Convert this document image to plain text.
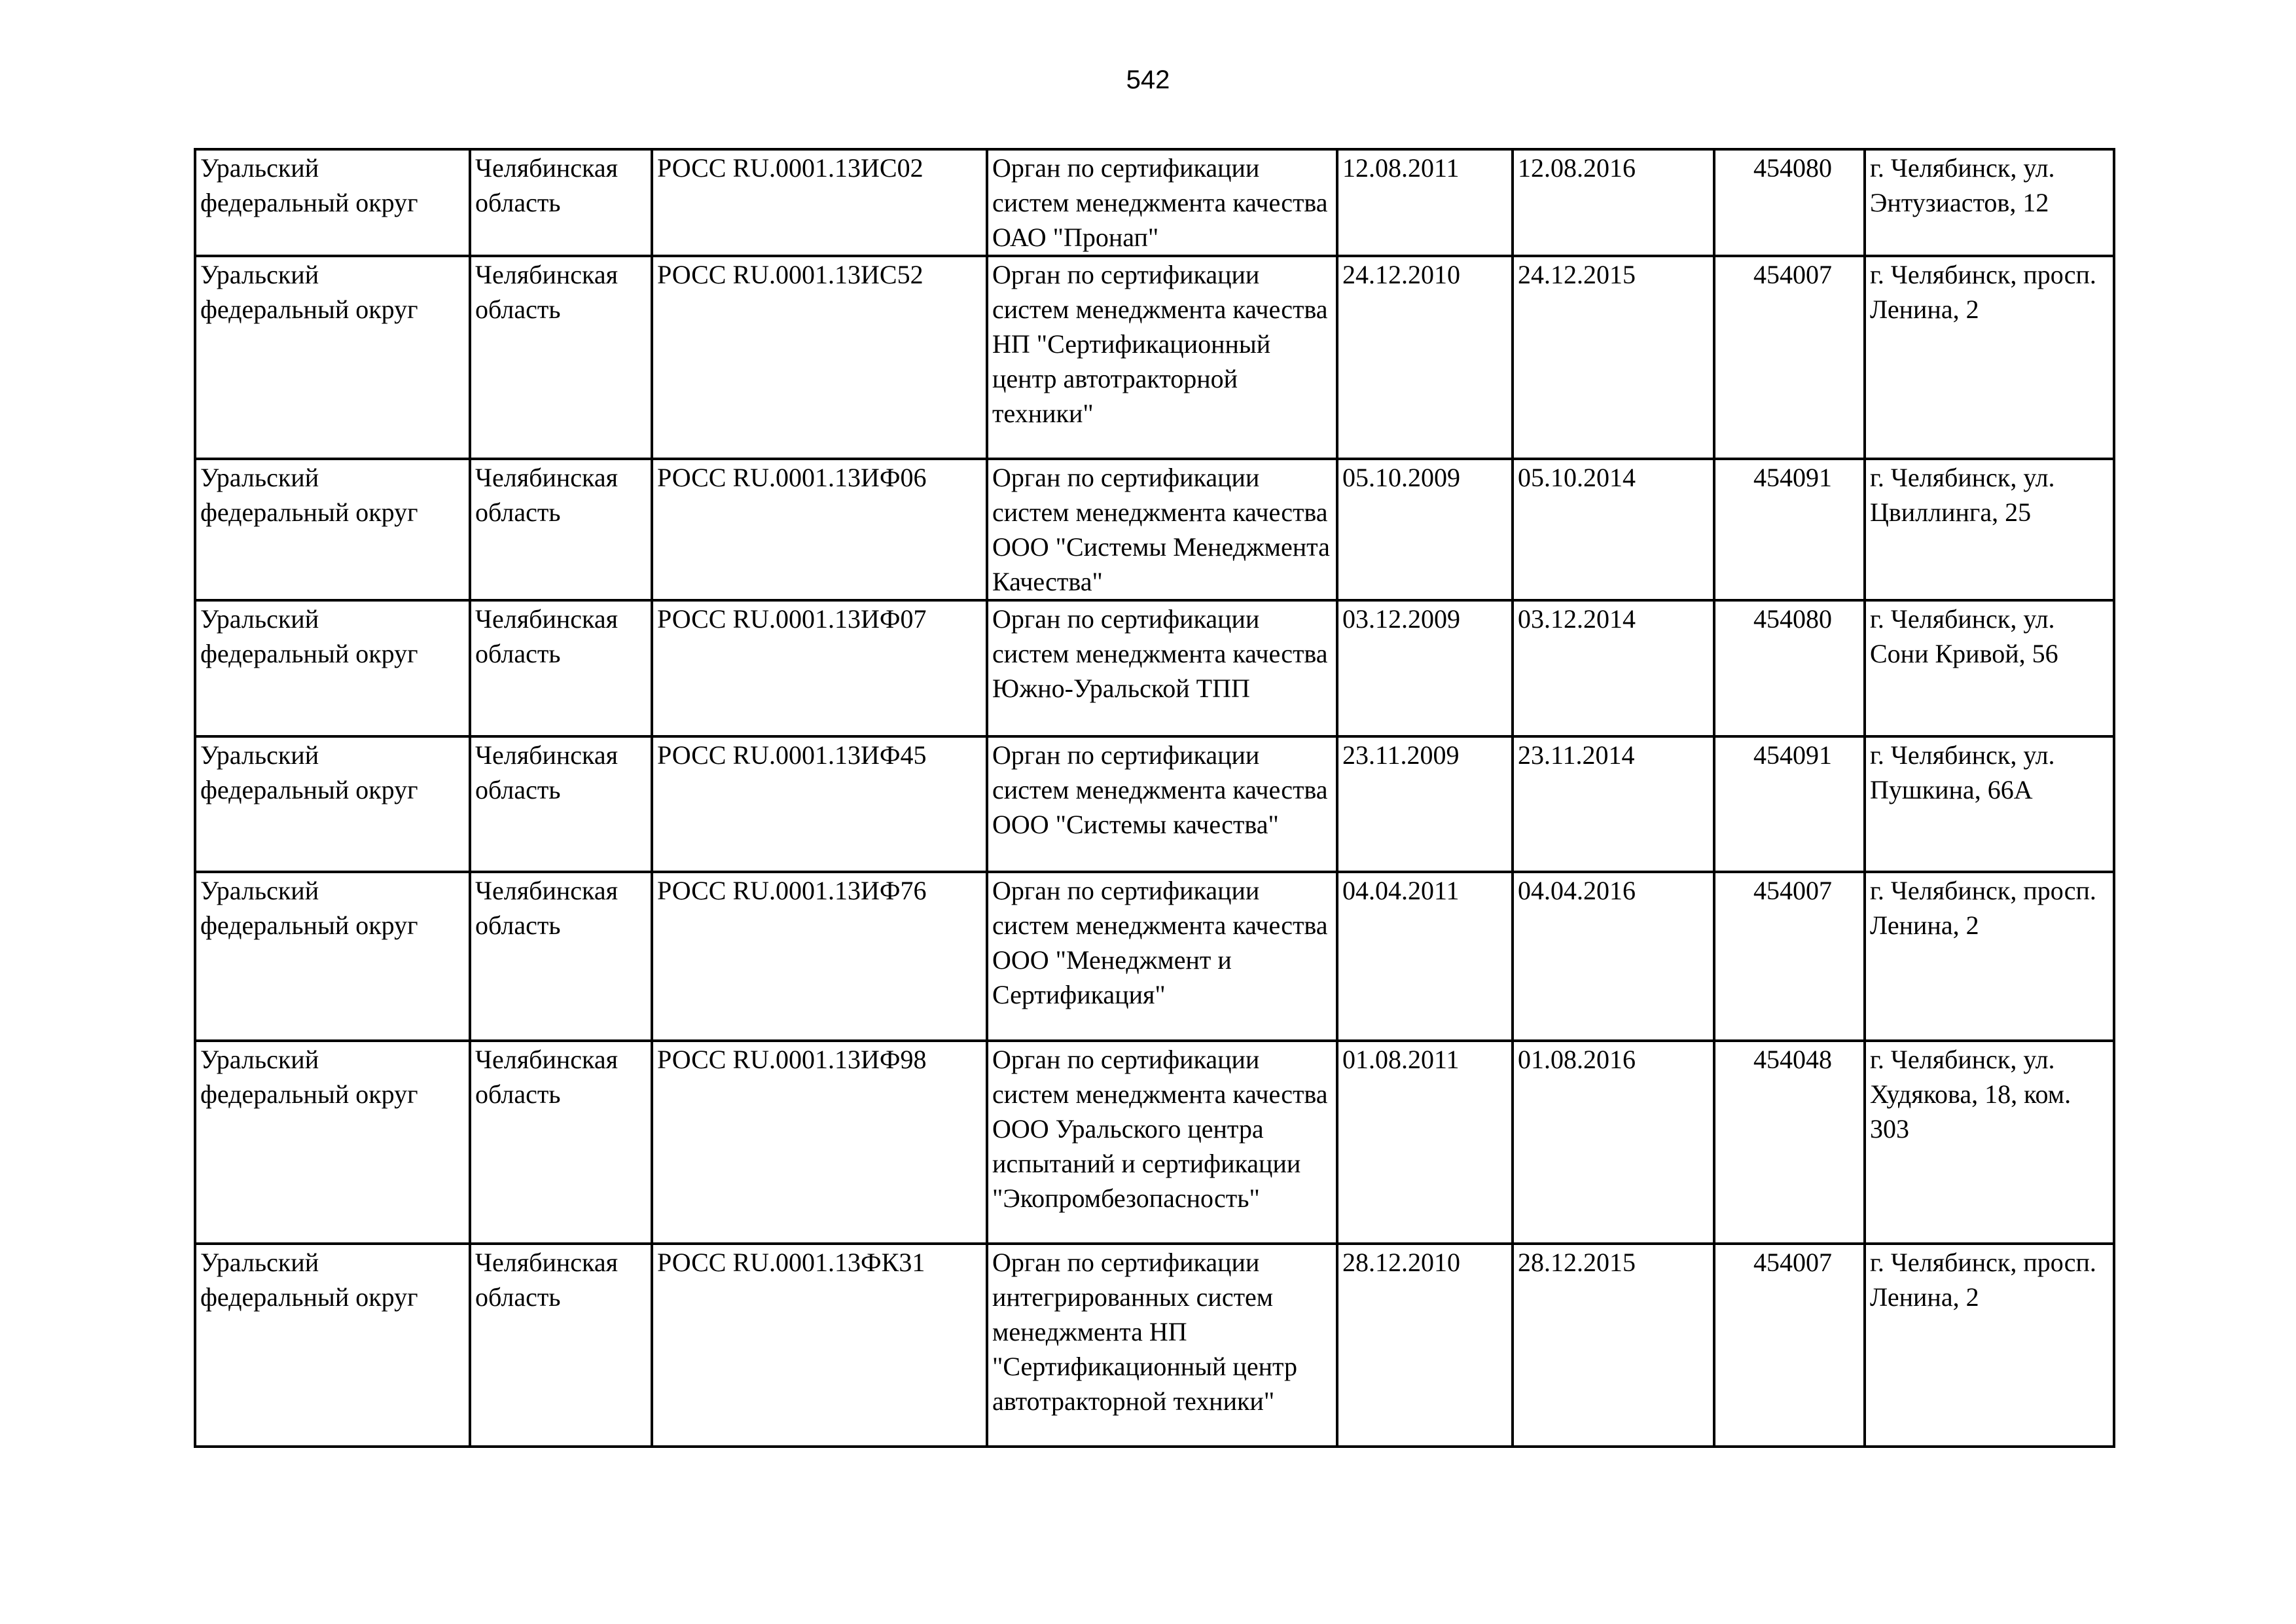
542
Уральский федеральный округ	Челябинская область	РОСС RU.0001.13ИС02	Орган по сертификации систем менеджмента качества ОАО "Пронап"	12.08.2011	12.08.2016	454080	г. Челябинск, ул. Энтузиастов, 12
Уральский федеральный округ	Челябинская область	РОСС RU.0001.13ИС52	Орган по сертификации систем менеджмента качества НП "Сертификационный центр автотракторной техники"	24.12.2010	24.12.2015	454007	г. Челябинск, просп. Ленина, 2
Уральский федеральный округ	Челябинская область	РОСС RU.0001.13ИФ06	Орган по сертификации систем менеджмента качества ООО "Системы Менеджмента Качества"	05.10.2009	05.10.2014	454091	г. Челябинск, ул. Цвиллинга, 25
Уральский федеральный округ	Челябинская область	РОСС RU.0001.13ИФ07	Орган по сертификации систем менеджмента качества Южно-Уральской ТПП	03.12.2009	03.12.2014	454080	г. Челябинск, ул. Сони Кривой, 56
Уральский федеральный округ	Челябинская область	РОСС RU.0001.13ИФ45	Орган по сертификации систем менеджмента качества ООО "Системы качества"	23.11.2009	23.11.2014	454091	г. Челябинск, ул. Пушкина, 66А
Уральский федеральный округ	Челябинская область	РОСС RU.0001.13ИФ76	Орган по сертификации систем менеджмента качества ООО "Менеджмент и Сертификация"	04.04.2011	04.04.2016	454007	г. Челябинск, просп. Ленина, 2
Уральский федеральный округ	Челябинская область	РОСС RU.0001.13ИФ98	Орган по сертификации систем менеджмента качества ООО Уральского центра испытаний и сертификации "Экопромбезопасность"	01.08.2011	01.08.2016	454048	г. Челябинск, ул. Худякова, 18, ком. 303
Уральский федеральный округ	Челябинская область	РОСС RU.0001.13ФК31	Орган по сертификации интегрированных систем менеджмента НП "Сертификационный центр автотракторной техники"	28.12.2010	28.12.2015	454007	г. Челябинск, просп. Ленина, 2
